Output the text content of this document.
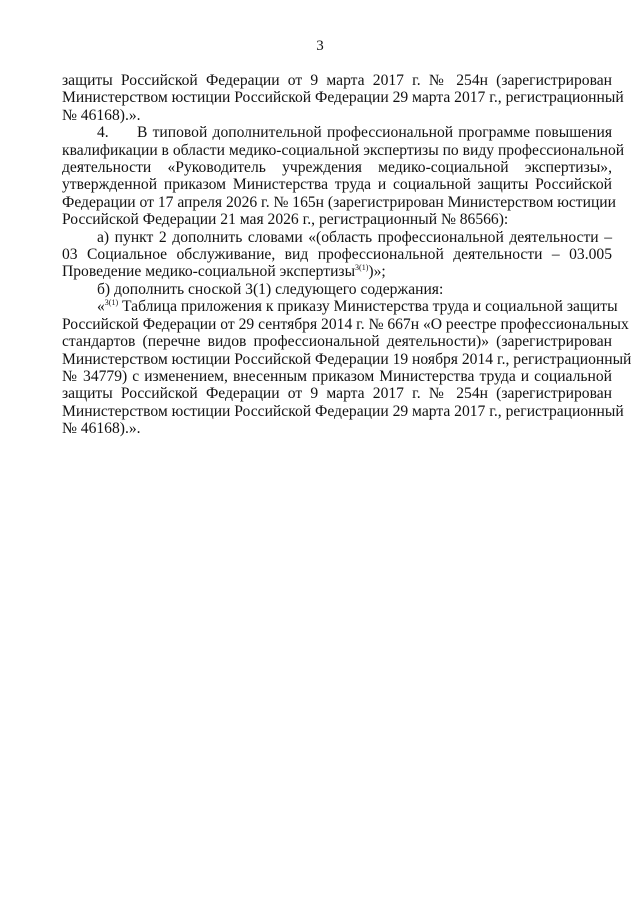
3
защиты Российской Федерации от 9 марта 2017 г. № 254н (зарегистрирован
Министерством юстиции Российской Федерации 29 марта 2017 г., регистрационный
№ 46168).».
4. В типовой дополнительной профессиональной программе повышения
квалификации в области медико-социальной экспертизы по виду профессиональной
деятельности «Руководитель учреждения медико-социальной экспертизы»,
утвержденной приказом Министерства труда и социальной защиты Российской
Федерации от 17 апреля 2026 г. № 165н (зарегистрирован Министерством юстиции
Российской Федерации 21 мая 2026 г., регистрационный № 86566):
а) пункт 2 дополнить словами «(область профессиональной деятельности –
03 Социальное обслуживание, вид профессиональной деятельности – 03.005
Проведение медико-социальной экспертизы$^{3(1)}$)»;
б) дополнить сноской 3(1) следующего содержания:
«$^{3(1)}$ Таблица приложения к приказу Министерства труда и социальной защиты
Российской Федерации от 29 сентября 2014 г. № 667н «О реестре профессиональных
стандартов (перечне видов профессиональной деятельности)» (зарегистрирован
Министерством юстиции Российской Федерации 19 ноября 2014 г., регистрационный
№ 34779) с изменением, внесенным приказом Министерства труда и социальной
защиты Российской Федерации от 9 марта 2017 г. № 254н (зарегистрирован
Министерством юстиции Российской Федерации 29 марта 2017 г., регистрационный
№ 46168).».
